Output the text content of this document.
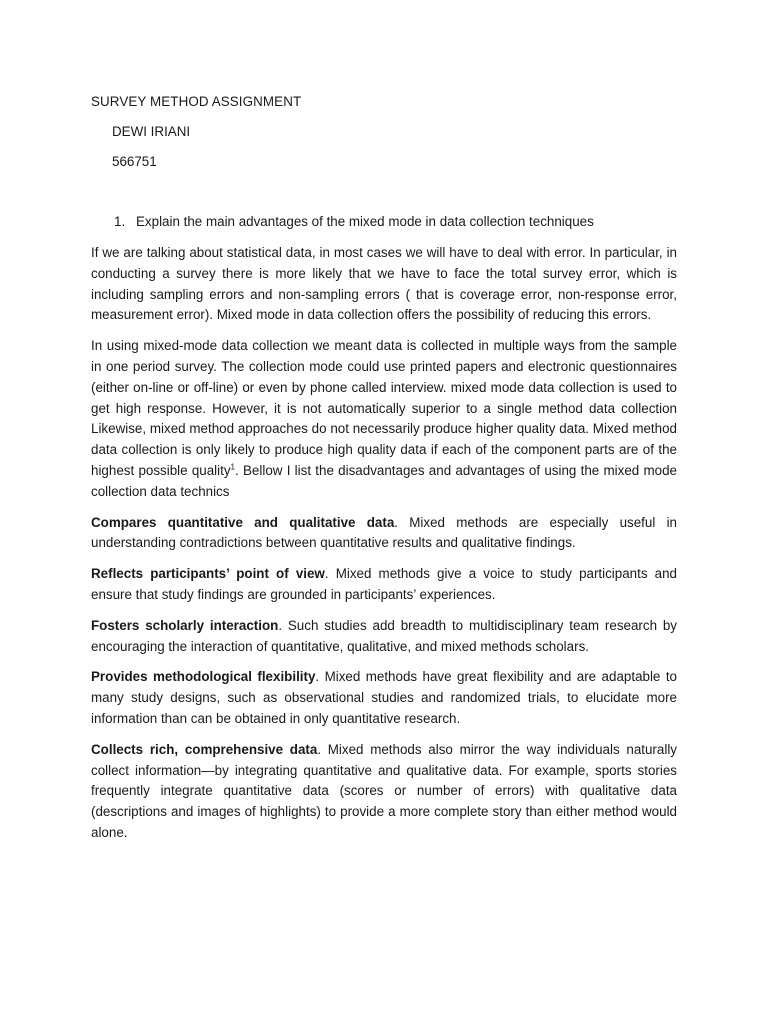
SURVEY METHOD ASSIGNMENT
DEWI IRIANI
566751
1. Explain the main advantages of the mixed mode in data collection techniques

If we are talking about statistical data, in most cases we will have to deal with error. In particular, in conducting a survey there is more likely that we have to face the total survey error, which is including sampling errors and non-sampling errors ( that is coverage error, non-response error, measurement error). Mixed mode in data collection offers the possibility of reducing this errors.

In using mixed-mode data collection we meant data is collected in multiple ways from the sample in one period survey. The collection mode could use printed papers and electronic questionnaires (either on-line or off-line) or even by phone called interview. mixed mode data collection is used to get high response. However, it is not automatically superior to a single method data collection Likewise, mixed method approaches do not necessarily produce higher quality data. Mixed method data collection is only likely to produce high quality data if each of the component parts are of the highest possible quality$^1$. Bellow I list the disadvantages and advantages of using the mixed mode collection data technics

Compares quantitative and qualitative data. Mixed methods are especially useful in understanding contradictions between quantitative results and qualitative findings.

Reflects participants’ point of view. Mixed methods give a voice to study participants and ensure that study findings are grounded in participants’ experiences.

Fosters scholarly interaction. Such studies add breadth to multidisciplinary team research by encouraging the interaction of quantitative, qualitative, and mixed methods scholars.

Provides methodological flexibility. Mixed methods have great flexibility and are adaptable to many study designs, such as observational studies and randomized trials, to elucidate more information than can be obtained in only quantitative research.

Collects rich, comprehensive data. Mixed methods also mirror the way individuals naturally collect information—by integrating quantitative and qualitative data. For example, sports stories frequently integrate quantitative data (scores or number of errors) with qualitative data (descriptions and images of highlights) to provide a more complete story than either method would alone.
